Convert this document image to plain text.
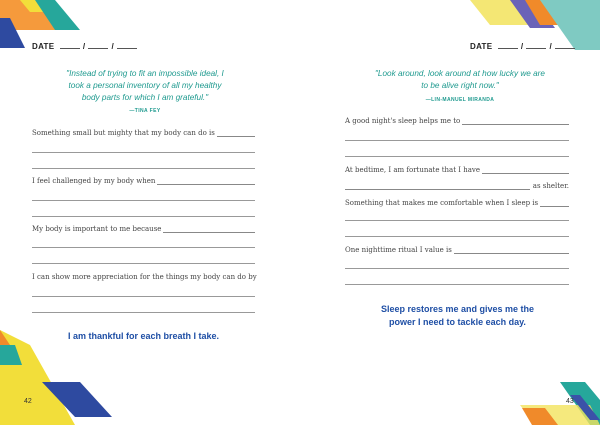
DATE	/	/
"Instead of trying to fit an impossible ideal, I took a personal inventory of all my healthy body parts for which I am grateful."
—TINA FEY
Something small but mighty that my body can do is
I feel challenged by my body when
My body is important to me because
I can show more appreciation for the things my body can do by
I am thankful for each breath I take.
42
DATE	/	/
"Look around, look around at how lucky we are to be alive right now."
—LIN-MANUEL MIRANDA
A good night's sleep helps me to
At bedtime, I am fortunate that I have
as shelter.
Something that makes me comfortable when I sleep is
One nighttime ritual I value is
Sleep restores me and gives me the power I need to tackle each day.
43
